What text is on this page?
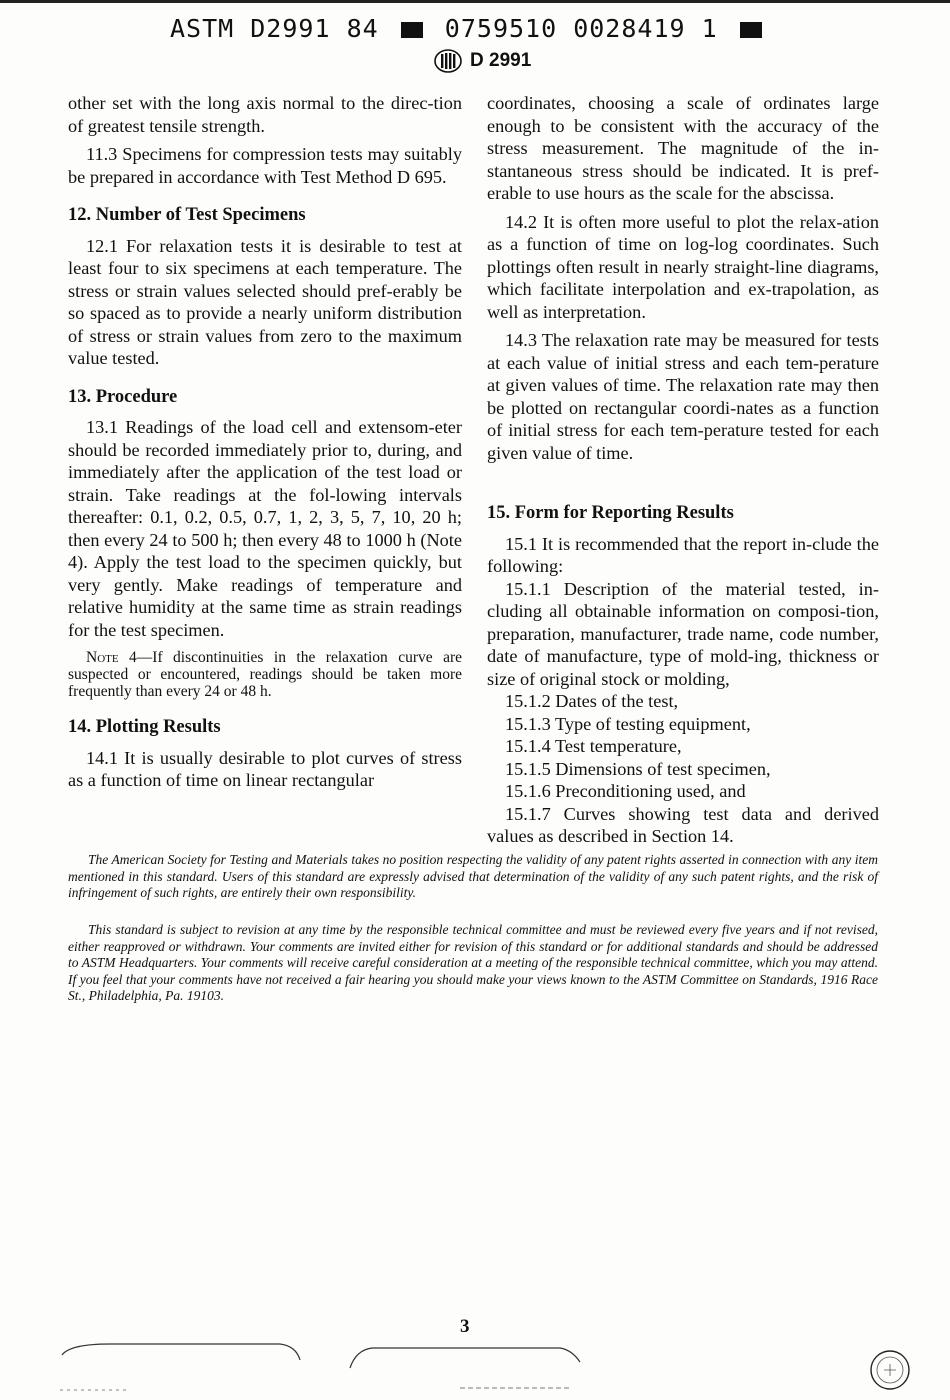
ASTM D2991 84	0759510 0028419 1
D 2991

other set with the long axis normal to the direc-tion of greatest tensile strength.

11.3 Specimens for compression tests may suitably be prepared in accordance with Test Method D 695.

12. Number of Test Specimens

12.1 For relaxation tests it is desirable to test at least four to six specimens at each temperature. The stress or strain values selected should pref-erably be so spaced as to provide a nearly uniform distribution of stress or strain values from zero to the maximum value tested.

13. Procedure

13.1 Readings of the load cell and extensom-eter should be recorded immediately prior to, during, and immediately after the application of the test load or strain. Take readings at the fol-lowing intervals thereafter: 0.1, 0.2, 0.5, 0.7, 1, 2, 3, 5, 7, 10, 20 h; then every 24 to 500 h; then every 48 to 1000 h (Note 4). Apply the test load to the specimen quickly, but very gently. Make readings of temperature and relative humidity at the same time as strain readings for the test specimen.

Note 4—If discontinuities in the relaxation curve are suspected or encountered, readings should be taken more frequently than every 24 or 48 h.

14. Plotting Results

14.1 It is usually desirable to plot curves of stress as a function of time on linear rectangular

coordinates, choosing a scale of ordinates large enough to be consistent with the accuracy of the stress measurement. The magnitude of the in-stantaneous stress should be indicated. It is pref-erable to use hours as the scale for the abscissa.

14.2 It is often more useful to plot the relax-ation as a function of time on log-log coordinates. Such plottings often result in nearly straight-line diagrams, which facilitate interpolation and ex-trapolation, as well as interpretation.

14.3 The relaxation rate may be measured for tests at each value of initial stress and each tem-perature at given values of time. The relaxation rate may then be plotted on rectangular coordi-nates as a function of initial stress for each tem-perature tested for each given value of time.

15. Form for Reporting Results

15.1 It is recommended that the report in-clude the following:

15.1.1 Description of the material tested, in-cluding all obtainable information on composi-tion, preparation, manufacturer, trade name, code number, date of manufacture, type of mold-ing, thickness or size of original stock or molding,

15.1.2 Dates of the test,

15.1.3 Type of testing equipment,

15.1.4 Test temperature,

15.1.5 Dimensions of test specimen,

15.1.6 Preconditioning used, and

15.1.7 Curves showing test data and derived values as described in Section 14.

The American Society for Testing and Materials takes no position respecting the validity of any patent rights asserted in connection with any item mentioned in this standard. Users of this standard are expressly advised that determination of the validity of any such patent rights, and the risk of infringement of such rights, are entirely their own responsibility.
This standard is subject to revision at any time by the responsible technical committee and must be reviewed every five years and if not revised, either reapproved or withdrawn. Your comments are invited either for revision of this standard or for additional standards and should be addressed to ASTM Headquarters. Your comments will receive careful consideration at a meeting of the responsible technical committee, which you may attend. If you feel that your comments have not received a fair hearing you should make your views known to the ASTM Committee on Standards, 1916 Race St., Philadelphia, Pa. 19103.
3
